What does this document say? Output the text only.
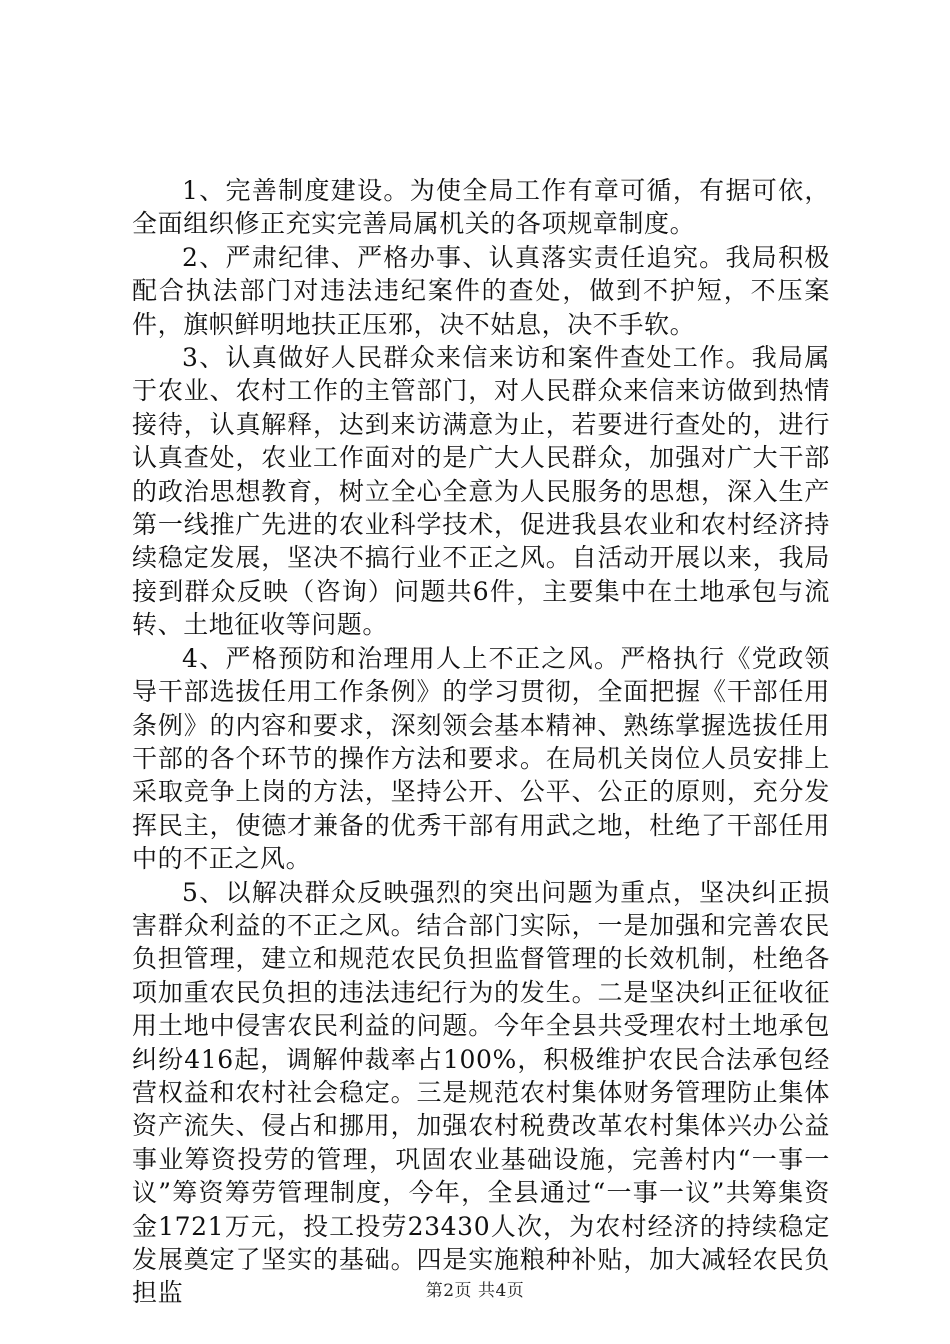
1、完善制度建设。为使全局工作有章可循，有据可依，全面组织修正充实完善局属机关的各项规章制度。

2、严肃纪律、严格办事、认真落实责任追究。我局积极配合执法部门对违法违纪案件的查处，做到不护短，不压案件，旗帜鲜明地扶正压邪，决不姑息，决不手软。

3、认真做好人民群众来信来访和案件查处工作。我局属于农业、农村工作的主管部门，对人民群众来信来访做到热情接待，认真解释，达到来访满意为止，若要进行查处的，进行认真查处，农业工作面对的是广大人民群众，加强对广大干部的政治思想教育，树立全心全意为人民服务的思想，深入生产第一线推广先进的农业科学技术，促进我县农业和农村经济持续稳定发展，坚决不搞行业不正之风。自活动开展以来，我局接到群众反映（咨询）问题共6件，主要集中在土地承包与流转、土地征收等问题。

4、严格预防和治理用人上不正之风。严格执行《党政领导干部选拔任用工作条例》的学习贯彻，全面把握《干部任用条例》的内容和要求，深刻领会基本精神、熟练掌握选拔任用干部的各个环节的操作方法和要求。在局机关岗位人员安排上采取竞争上岗的方法，坚持公开、公平、公正的原则，充分发挥民主，使德才兼备的优秀干部有用武之地，杜绝了干部任用中的不正之风。

5、以解决群众反映强烈的突出问题为重点，坚决纠正损害群众利益的不正之风。结合部门实际，一是加强和完善农民负担管理，建立和规范农民负担监督管理的长效机制，杜绝各项加重农民负担的违法违纪行为的发生。二是坚决纠正征收征用土地中侵害农民利益的问题。今年全县共受理农村土地承包纠纷416起，调解仲裁率占100%，积极维护农民合法承包经营权益和农村社会稳定。三是规范农村集体财务管理防止集体资产流失、侵占和挪用，加强农村税费改革农村集体兴办公益事业筹资投劳的管理，巩固农业基础设施，完善村内“一事一议”筹资筹劳管理制度，今年，全县通过“一事一议”共筹集资金1721万元，投工投劳23430人次，为农村经济的持续稳定发展奠定了坚实的基础。四是实施粮种补贴，加大减轻农民负担监	第2页 共4页
